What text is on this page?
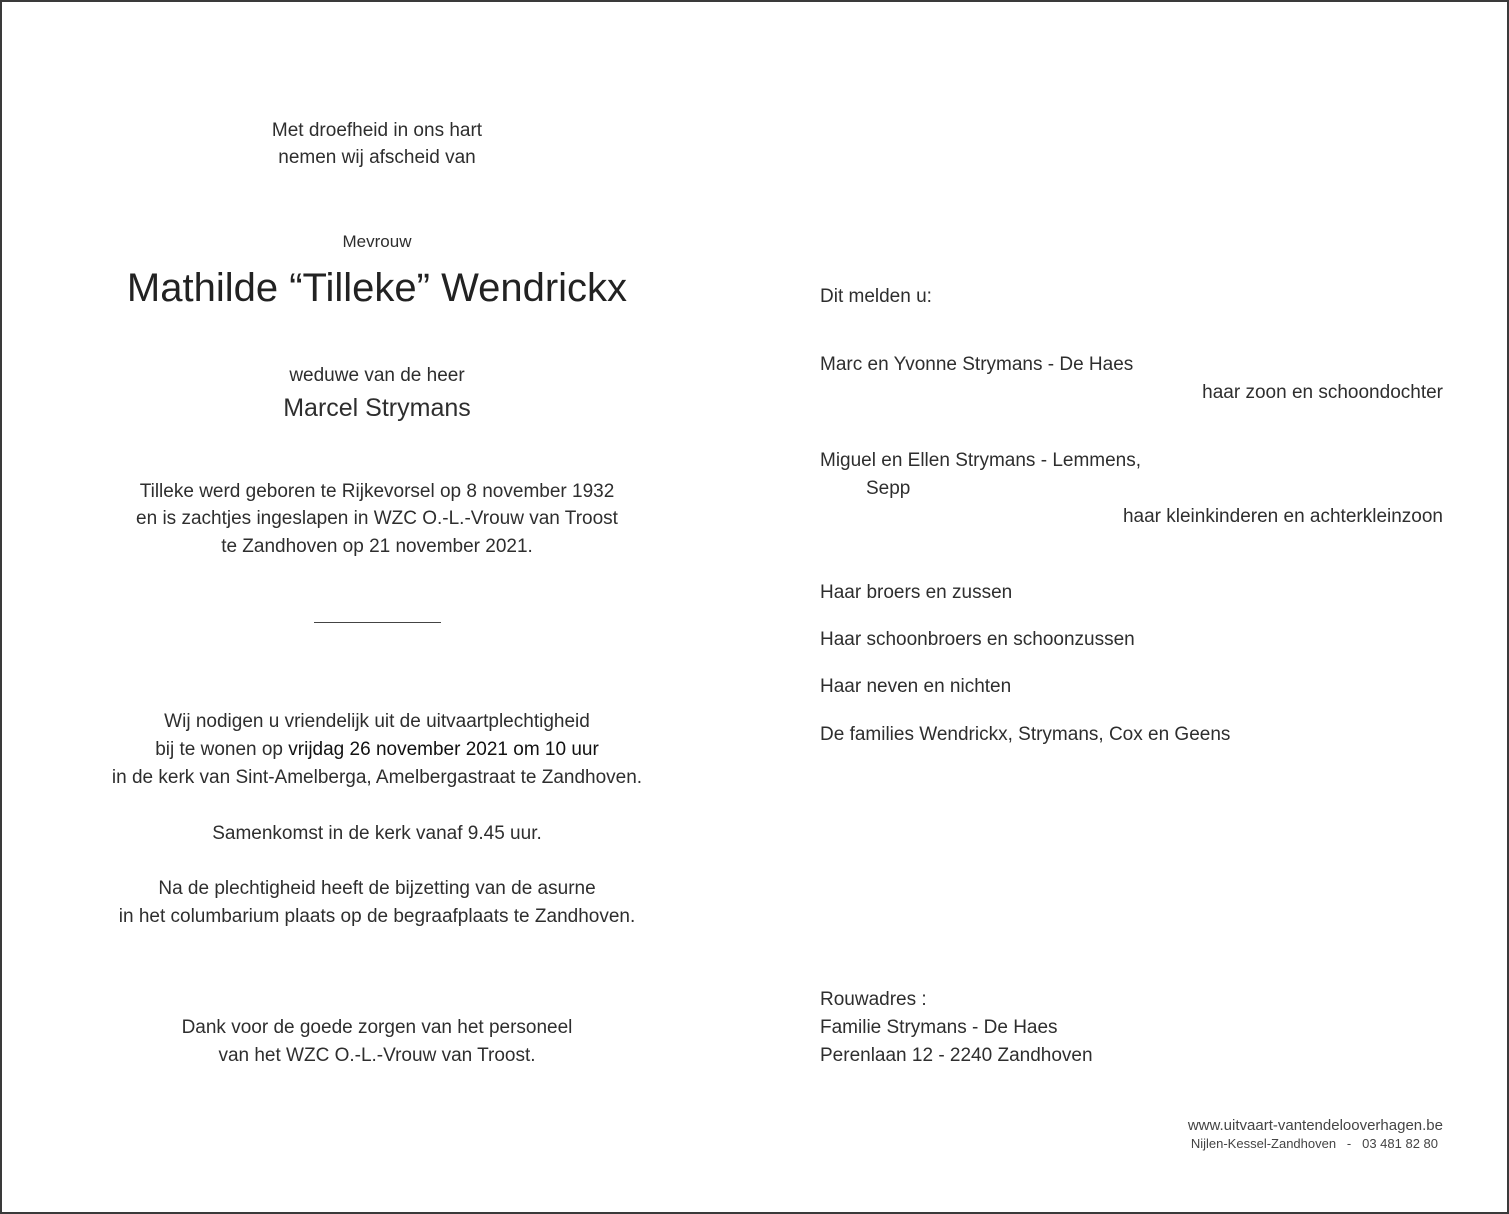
Met droefheid in ons hart
nemen wij afscheid van
Mevrouw
Mathilde “Tilleke” Wendrickx
weduwe van de heer
Marcel Strymans
Tilleke werd geboren te Rijkevorsel op 8 november 1932
en is zachtjes ingeslapen in WZC O.-L.-Vrouw van Troost
te Zandhoven op 21 november 2021.
Wij nodigen u vriendelijk uit de uitvaartplechtigheid
bij te wonen op vrijdag 26 november 2021 om 10 uur
in de kerk van Sint-Amelberga, Amelbergastraat te Zandhoven.
Samenkomst in de kerk vanaf 9.45 uur.
Na de plechtigheid heeft de bijzetting van de asurne
in het columbarium plaats op de begraafplaats te Zandhoven.
Dank voor de goede zorgen van het personeel
van het WZC O.-L.-Vrouw van Troost.
Dit melden u:
Marc en Yvonne Strymans - De Haes
haar zoon en schoondochter
Miguel en Ellen Strymans - Lemmens,
Sepp
haar kleinkinderen en achterkleinzoon
Haar broers en zussen
Haar schoonbroers en schoonzussen
Haar neven en nichten
De families Wendrickx, Strymans, Cox en Geens
Rouwadres :
Familie Strymans - De Haes
Perenlaan 12 - 2240 Zandhoven
www.uitvaart-vantendelooverhagen.be
Nijlen-Kessel-Zandhoven   -   03 481 82 80
